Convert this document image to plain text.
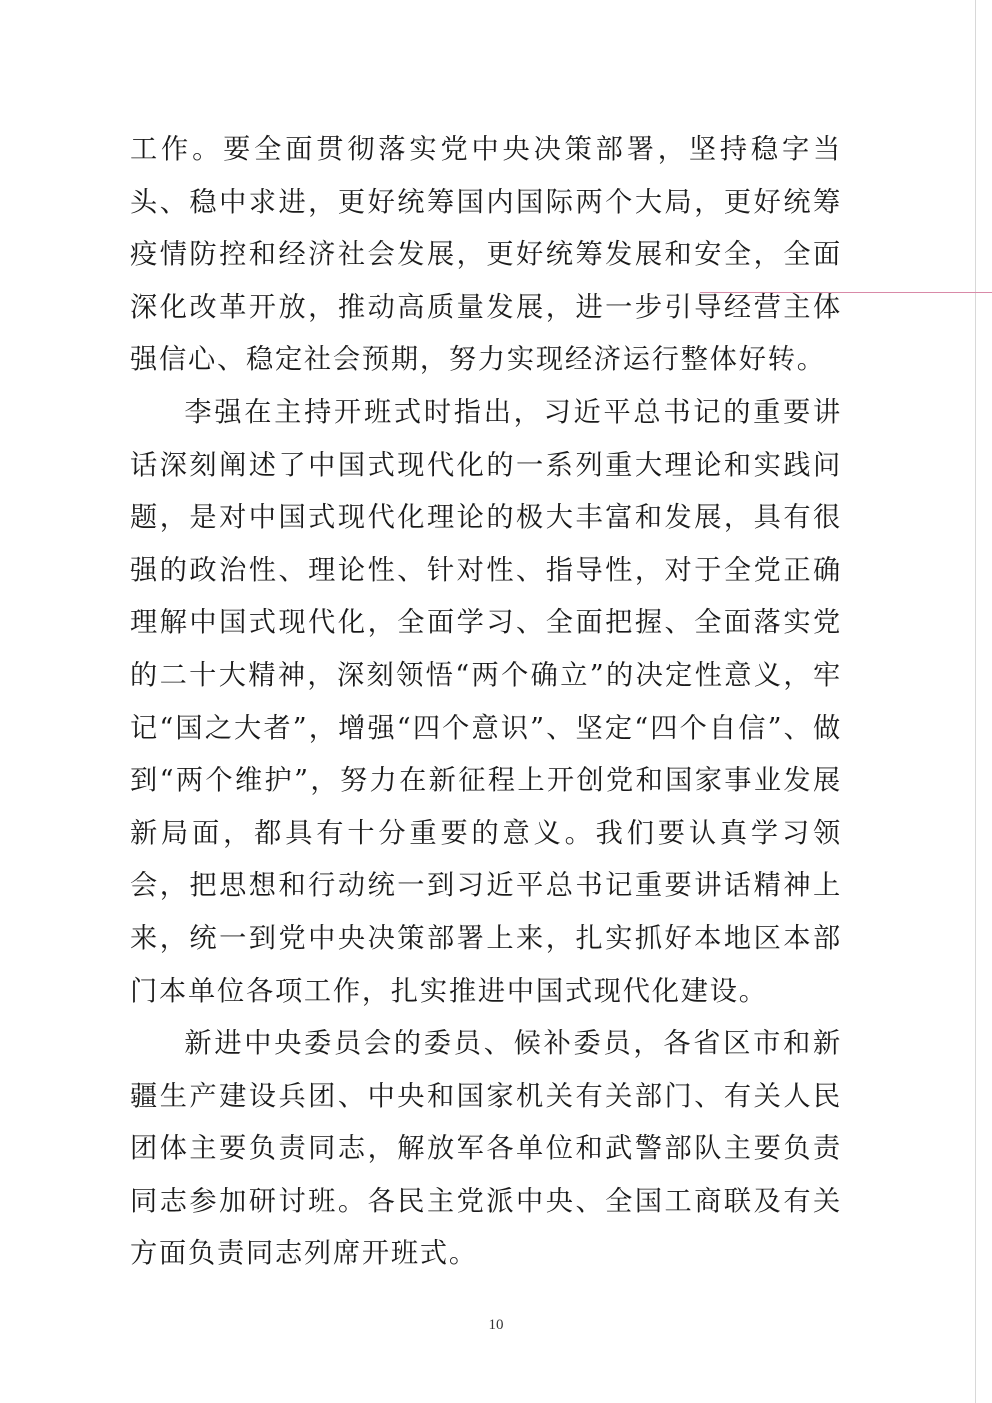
工作。要全面贯彻落实党中央决策部署，坚持稳字当头、稳中求进，更好统筹国内国际两个大局，更好统筹疫情防控和经济社会发展，更好统筹发展和安全，全面深化改革开放，推动高质量发展，进一步引导经营主体强信心、稳定社会预期，努力实现经济运行整体好转。

李强在主持开班式时指出，习近平总书记的重要讲话深刻阐述了中国式现代化的一系列重大理论和实践问题，是对中国式现代化理论的极大丰富和发展，具有很强的政治性、理论性、针对性、指导性，对于全党正确理解中国式现代化，全面学习、全面把握、全面落实党的二十大精神，深刻领悟“两个确立”的决定性意义，牢记“国之大者”，增强“四个意识”、坚定“四个自信”、做到“两个维护”，努力在新征程上开创党和国家事业发展新局面，都具有十分重要的意义。我们要认真学习领会，把思想和行动统一到习近平总书记重要讲话精神上来，统一到党中央决策部署上来，扎实抓好本地区本部门本单位各项工作，扎实推进中国式现代化建设。

新进中央委员会的委员、候补委员，各省区市和新疆生产建设兵团、中央和国家机关有关部门、有关人民团体主要负责同志，解放军各单位和武警部队主要负责同志参加研讨班。各民主党派中央、全国工商联及有关方面负责同志列席开班式。

10
